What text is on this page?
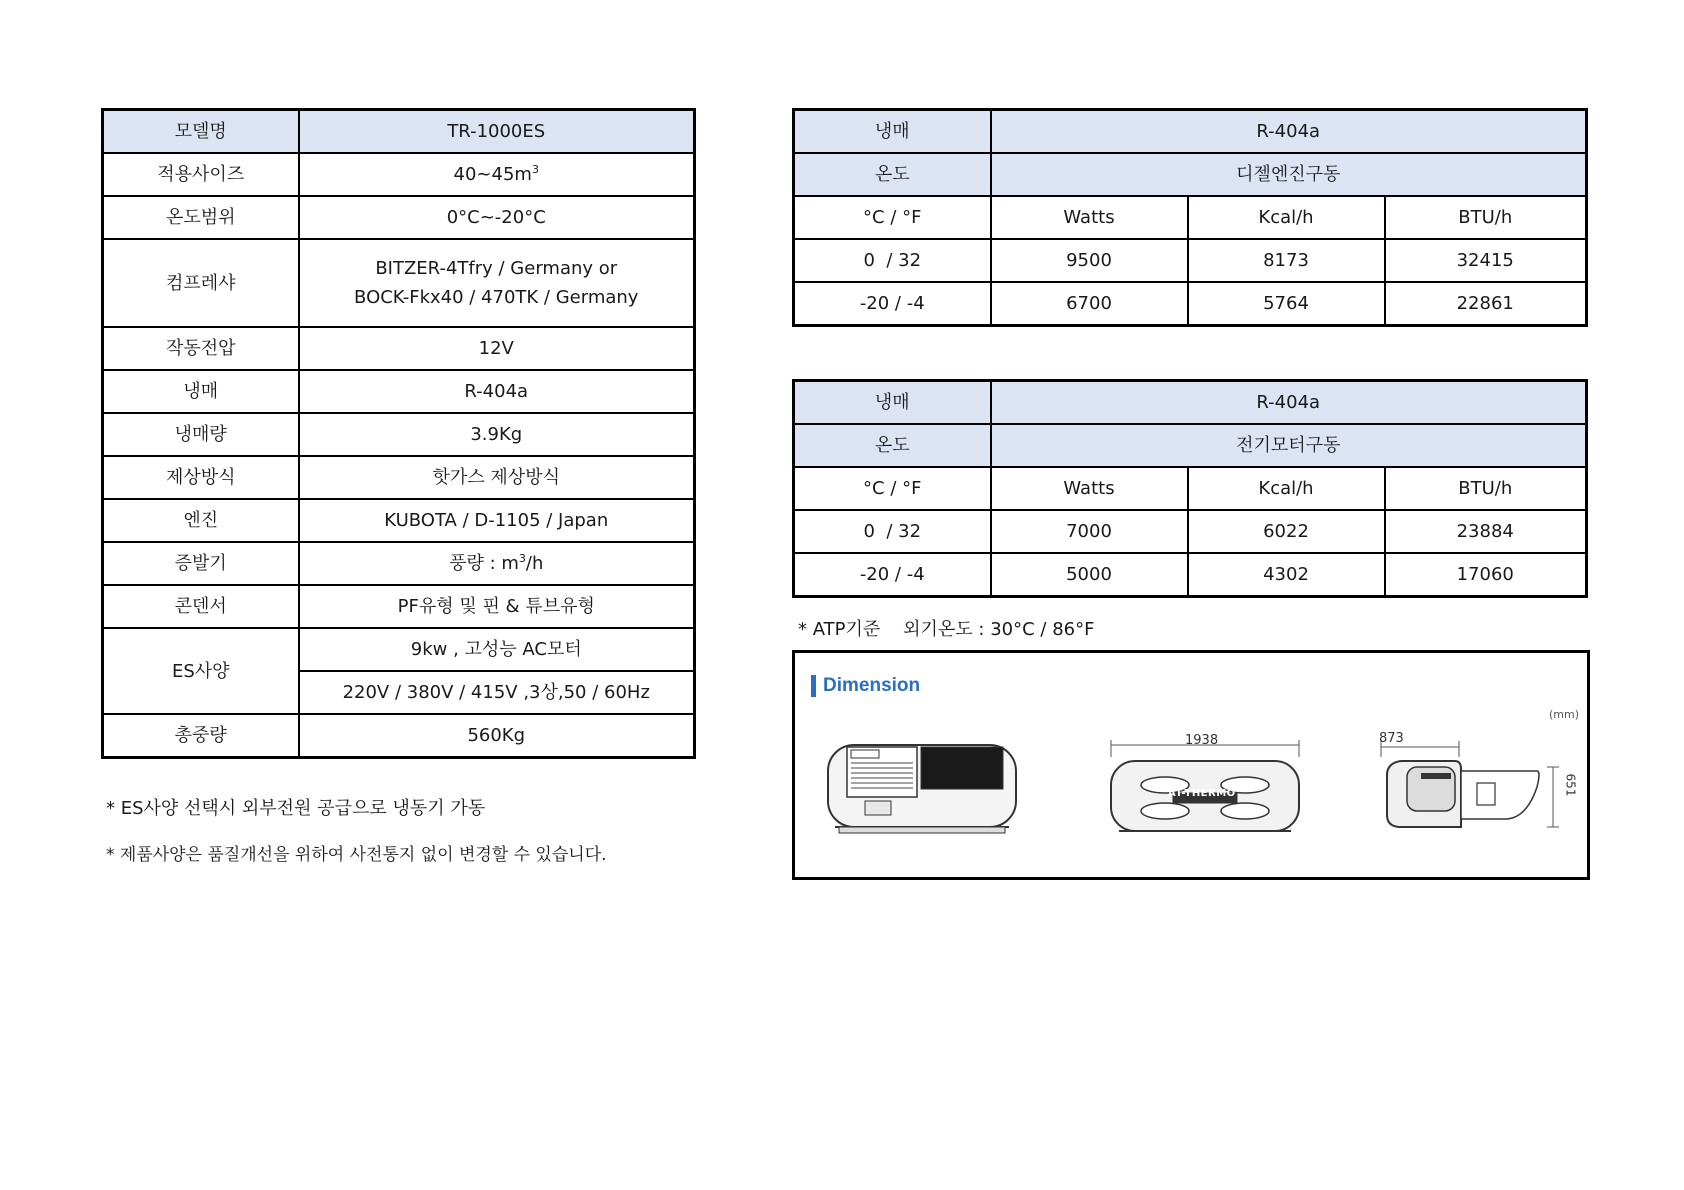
모델명	TR-1000ES
적용사이즈	$40\sim 45m^3$
온도범위	0°C~-20°C
컴프레샤	BITZER-4Tfry / Germany or
BOCK-Fkx40 / 470TK / Germany

작동전압	12V
냉매	R-404a
냉매량	3.9Kg
제상방식	핫가스 제상방식
엔진	KUBOTA / D-1105 / Japan
증발기	풍량 : $m^3/h$
콘덴서	PF유형 및 핀 & 튜브유형
ES사양	9kw , 고성능 AC모터
	220V / 380V / 415V ,3상,50 / 60Hz
총중량	560Kg
* ES사양 선택시 외부전원 공급으로 냉동기 가동
* 제품사양은 품질개선을 위하여 사전통지 없이 변경할 수 있습니다.
냉매	R-404a		
온도	디젤엔진구동		
°C / °F	Watts	Kcal/h	BTU/h
0  / 32	9500	8173	32415
-20 / -4	6700	5764	22861
냉매	R-404a		
온도	전기모터구동		
°C / °F	Watts	Kcal/h	BTU/h
0  / 32	7000	6022	23884
-20 / -4	5000	4302	17060
* ATP기준    외기온도 : 30°C / 86°F
Dimension
(mm)
1938
AT-THERMO
873
651
